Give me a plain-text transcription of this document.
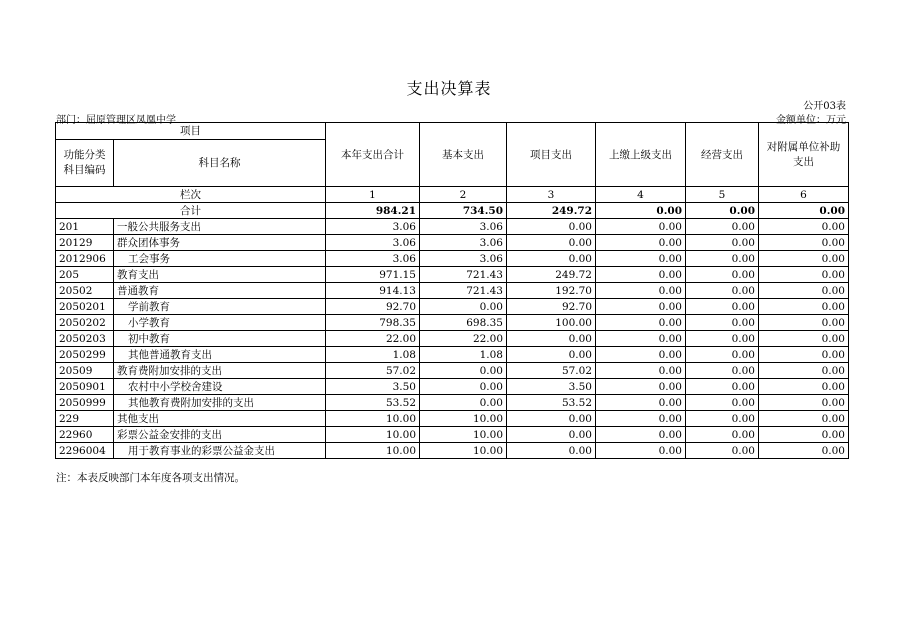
支出决算表
公开03表
部门：屈原管理区凤凰中学	金额单位：万元
项目		本年支出合计	基本支出	项目支出	上缴上级支出	经营支出	对附属单位补助支出
功能分类科目编码	科目名称						
栏次		1	2	3	4	5	6
合计		984.21	734.50	249.72	0.00	0.00	0.00
201	一般公共服务支出	3.06	3.06	0.00	0.00	0.00	0.00
20129	群众团体事务	3.06	3.06	0.00	0.00	0.00	0.00
2012906	工会事务	3.06	3.06	0.00	0.00	0.00	0.00
205	教育支出	971.15	721.43	249.72	0.00	0.00	0.00
20502	普通教育	914.13	721.43	192.70	0.00	0.00	0.00
2050201	学前教育	92.70	0.00	92.70	0.00	0.00	0.00
2050202	小学教育	798.35	698.35	100.00	0.00	0.00	0.00
2050203	初中教育	22.00	22.00	0.00	0.00	0.00	0.00
2050299	其他普通教育支出	1.08	1.08	0.00	0.00	0.00	0.00
20509	教育费附加安排的支出	57.02	0.00	57.02	0.00	0.00	0.00
2050901	农村中小学校舍建设	3.50	0.00	3.50	0.00	0.00	0.00
2050999	其他教育费附加安排的支出	53.52	0.00	53.52	0.00	0.00	0.00
229	其他支出	10.00	10.00	0.00	0.00	0.00	0.00
22960	彩票公益金安排的支出	10.00	10.00	0.00	0.00	0.00	0.00
2296004	用于教育事业的彩票公益金支出	10.00	10.00	0.00	0.00	0.00	0.00
注：本表反映部门本年度各项支出情况。
